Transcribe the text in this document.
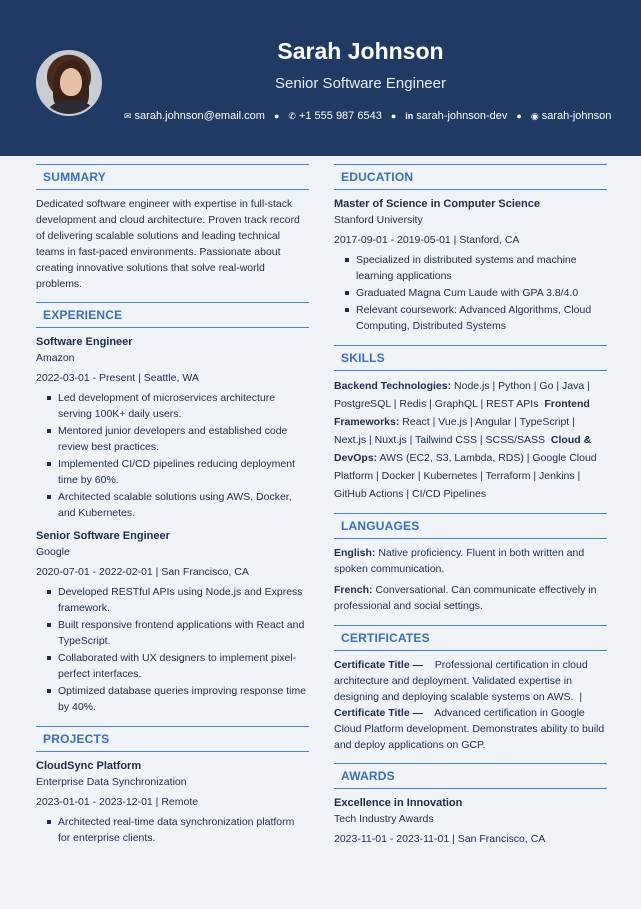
Sarah Johnson
Senior Software Engineer
✉ sarah.johnson@email.com ● ✆ +1 555 987 6543 ● in sarah-johnson-dev ● ◉ sarah-johnson
SUMMARY

Dedicated software engineer with expertise in full-stack development and cloud architecture. Proven track record of delivering scalable solutions and leading technical teams in fast-paced environments. Passionate about creating innovative solutions that solve real-world problems.

EXPERIENCE
Software Engineer
Amazon
2022-03-01 - Present | Seattle, WA
Led development of microservices architecture serving 100K+ daily users.
Mentored junior developers and established code review best practices.
Implemented CI/CD pipelines reducing deployment time by 60%.
Architected scalable solutions using AWS, Docker, and Kubernetes.
Senior Software Engineer
Google
2020-07-01 - 2022-02-01 | San Francisco, CA
Developed RESTful APIs using Node.js and Express framework.
Built responsive frontend applications with React and TypeScript.
Collaborated with UX designers to implement pixel-perfect interfaces.
Optimized database queries improving response time by 40%.
PROJECTS
CloudSync Platform
Enterprise Data Synchronization
2023-01-01 - 2023-12-01 | Remote
Architected real-time data synchronization platform for enterprise clients.
EDUCATION
Master of Science in Computer Science
Stanford University
2017-09-01 - 2019-05-01 | Stanford, CA
Specialized in distributed systems and machine learning applications
Graduated Magna Cum Laude with GPA 3.8/4.0
Relevant coursework: Advanced Algorithms, Cloud Computing, Distributed Systems
SKILLS
Backend Technologies: Node.js | Python | Go | Java | PostgreSQL | Redis | GraphQL | REST APIs Frontend Frameworks: React | Vue.js | Angular | TypeScript | Next.js | Nuxt.js | Tailwind CSS | SCSS/SASS Cloud & DevOps: AWS (EC2, S3, Lambda, RDS) | Google Cloud Platform | Docker | Kubernetes | Terraform | Jenkins | GitHub Actions | CI/CD Pipelines
LANGUAGES
English: Native proficiency. Fluent in both written and spoken communication.
French: Conversational. Can communicate effectively in professional and social settings.
CERTIFICATES
Certificate Title — Professional certification in cloud architecture and deployment. Validated expertise in designing and deploying scalable systems on AWS. |
Certificate Title — Advanced certification in Google Cloud Platform development. Demonstrates ability to build and deploy applications on GCP.
AWARDS
Excellence in Innovation
Tech Industry Awards
2023-11-01 - 2023-11-01 | San Francisco, CA
